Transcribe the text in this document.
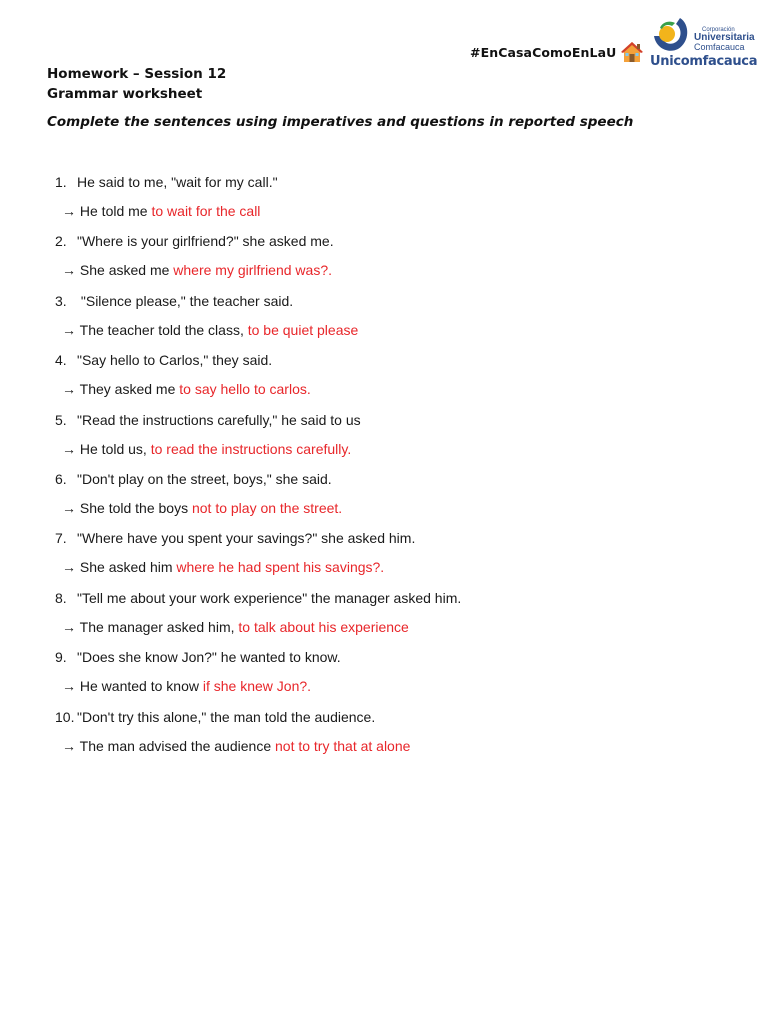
#EnCasaComoEnLaU
Corporación
Universitaria
Comfacauca
Unicomfacauca
Homework – Session 12
Grammar worksheet
Complete the sentences using imperatives and questions in reported speech
1. He said to me, "wait for my call."
→ He told me to wait for the call
2. "Where is your girlfriend?" she asked me.
→ She asked me where my girlfriend was?.
3. "Silence please," the teacher said.
→ The teacher told the class, to be quiet please
4. "Say hello to Carlos," they said.
→ They asked me to say hello to carlos.
5. "Read the instructions carefully," he said to us
→ He told us, to read the instructions carefully.
6. "Don't play on the street, boys," she said.
→ She told the boys not to play on the street.
7. "Where have you spent your savings?" she asked him.
→ She asked him where he had spent his savings?.
8. "Tell me about your work experience" the manager asked him.
→ The manager asked him, to talk about his experience
9. "Does she know Jon?" he wanted to know.
→ He wanted to know if she knew Jon?.
10. "Don't try this alone," the man told the audience.
→ The man advised the audience not to try that at alone
